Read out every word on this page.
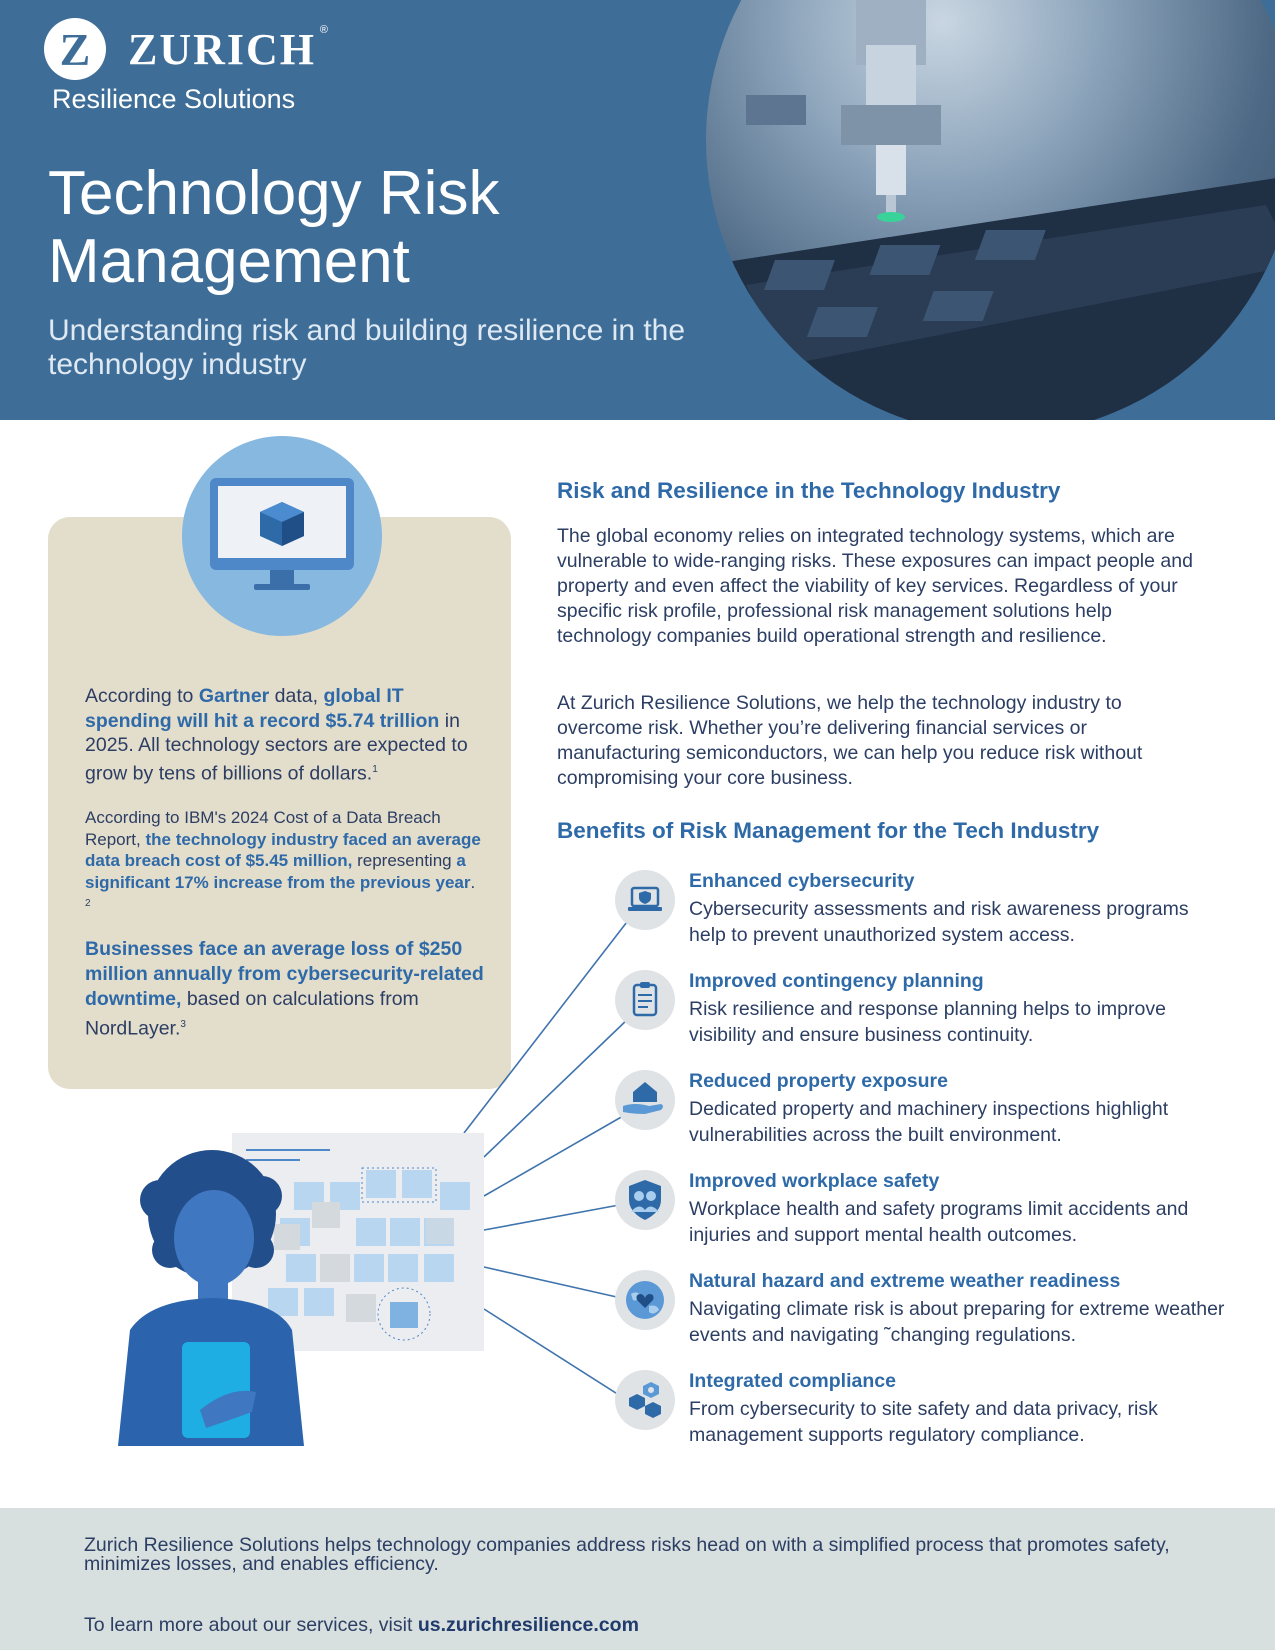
Z ZURICH ®
Resilience Solutions
Technology Risk Management
Understanding risk and building resilience in the technology industry

According to Gartner data, global IT spending will hit a record $5.74 trillion in 2025. All technology sectors are expected to grow by tens of billions of dollars.$^1$

According to IBM's 2024 Cost of a Data Breach Report, the technology industry faced an average data breach cost of $5.45 million, representing a significant 17% increase from the previous year. $^2$

Businesses face an average loss of $250 million annually from cybersecurity-related downtime, based on calculations from NordLayer.$^3$

Risk and Resilience in the Technology Industry

The global economy relies on integrated technology systems, which are vulnerable to wide-ranging risks. These exposures can impact people and property and even affect the viability of key services. Regardless of your specific risk profile, professional risk management solutions help technology companies build operational strength and resilience.

At Zurich Resilience Solutions, we help the technology industry to overcome risk. Whether you’re delivering financial services or manufacturing semiconductors, we can help you reduce risk without compromising your core business.

Benefits of Risk Management for the Tech Industry
Enhanced cybersecurity
Cybersecurity assessments and risk awareness programs help to prevent unauthorized system access.
Improved contingency planning
Risk resilience and response planning helps to improve visibility and ensure business continuity.
Reduced property exposure
Dedicated property and machinery inspections highlight vulnerabilities across the built environment.
Improved workplace safety
Workplace health and safety programs limit accidents and injuries and support mental health outcomes.
Natural hazard and extreme weather readiness
Navigating climate risk is about preparing for extreme weather events and navigating ˜changing regulations.
Integrated compliance
From cybersecurity to site safety and data privacy, risk management supports regulatory compliance.

Zurich Resilience Solutions helps technology companies address risks head on with a simplified process that promotes safety, minimizes losses, and enables efficiency.

To learn more about our services, visit us.zurichresilience.com
